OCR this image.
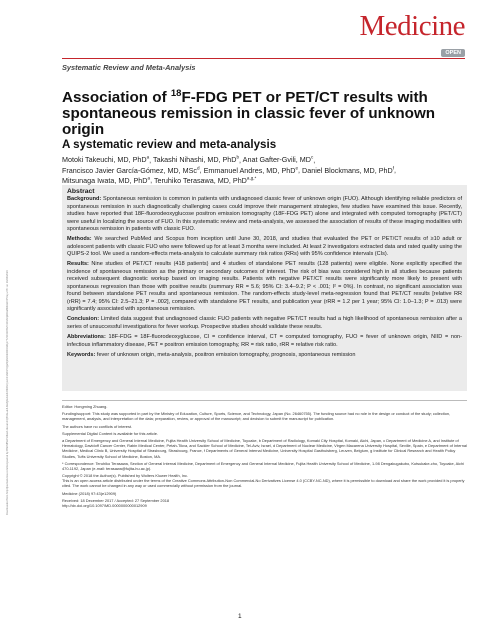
Downloaded from http://journals.lww.com/md-journal by BhDMf5ePHKav1zEoum1tQfN4a+kJLhEZgbsIHo4XMi0hCywCX1AWnYQp/IlQrHD3i3D0OdRyi7TvSFl4Cf3VC4/OAVpDDa8KKGKV0Ymy+78= on 10/24/2023
Medicine
OPEN
Systematic Review and Meta-Analysis
Association of $^{18}$F-FDG PET or PET/CT results with spontaneous remission in classic fever of unknown origin
A systematic review and meta-analysis
Motoki Takeuchi, MD, PhD$^a$, Takashi Nihashi, MD, PhD$^b$, Anat Gafter-Gvili, $MD^c$,
Francisco Javier García-Gómez, MD, MSc$^d$, Emmanuel Andres, MD, PhD$^e$, Daniel Blockmans, MD, PhD$^f$,
Mitsunaga Iwata, MD, PhD$^a$, Teruhiko Terasawa, MD, PhD$^{a,g,*}$
Abstract

Background: Spontaneous remission is common in patients with undiagnosed classic fever of unknown origin (FUO). Although identifying reliable predictors of spontaneous remission in such diagnostically challenging cases could improve their management strategies, few studies have examined this issue. Recently, studies have reported that 18F-fluorodeoxyglucose positron emission tomography (18F-FDG PET) alone and integrated with computed tomography (PET/CT) were useful in localizing the source of FUO. In this systematic review and meta-analysis, we assessed the association of results of these imaging modalities with spontaneous remission in patients with classic FUO.

Methods: We searched PubMed and Scopus from inception until June 30, 2018, and studies that evaluated the PET or PET/CT results of ≥10 adult or adolescent patients with classic FUO who were followed up for at least 3 months were included. At least 2 investigators extracted data and rated quality using the QUIPS-2 tool. We used a random-effects meta-analysis to calculate summary risk ratios (RRs) with 95% confidence intervals (CIs).

Results: Nine studies of PET/CT results (418 patients) and 4 studies of standalone PET results (128 patients) were eligible. None explicitly specified the incidence of spontaneous remission as the primary or secondary outcomes of interest. The risk of bias was considered high in all studies because patients received subsequent diagnostic workup based on imaging results. Patients with negative PET/CT results were significantly more likely to present with spontaneous regression than those with positive results (summary RR = 5.6; 95% CI: 3.4–9.2; P < .001; I² = 0%). In contrast, no significant association was found between standalone PET results and spontaneous remission. The random-effects study-level meta-regression found that PET/CT results [relative RR (rRR) = 7.4; 95% CI: 2.5–21.3; P = .002], compared with standalone PET results, and publication year (rRR = 1.2 per 1 year; 95% CI: 1.0–1.3; P = .013) were significantly associated with spontaneous remission.

Conclusion: Limited data suggest that undiagnosed classic FUO patients with negative PET/CT results had a high likelihood of spontaneous remission after a series of unsuccessful investigations for fever workup. Prospective studies should validate these results.

Abbreviations: 18F-FDG = 18F-fluorodeoxyglucose, CI = confidence interval, CT = computed tomography, FUO = fever of unknown origin, NIID = non-infectious inflammatory disease, PET = positron emission tomography, RR = risk ratio, rRR = relative risk ratio.

Keywords: fever of unknown origin, meta-analysis, positron emission tomography, prognosis, spontaneous remission

Editor: Hongming Zhuang.

Funding/support: This study was supported in part by the Ministry of Education, Culture, Sports, Science, and Technology, Japan (No. 26460755). The funding source had no role in the design or conduct of the study; collection, management, analysis, and interpretation of the data; preparation, review, or approval of the manuscript; and decision to submit the manuscript for publication.

The authors have no conflicts of interest.

Supplemental Digital Content is available for this article.

a Department of Emergency and General Internal Medicine, Fujita Health University School of Medicine, Toyoake, b Department of Radiology, Komaki City Hospital, Komaki, Aichi, Japan, c Department of Medicine A, and Institute of Hematology, Davidoff Cancer Center, Rabin Medical Center, Petah-Tikva, and Sackler School of Medicine, Tel-Aviv, Israel, d Department of Nuclear Medicine, Virgen Macarena University Hospital, Seville, Spain, e Department of Internal Medicine, Medical Clinic B, University Hospital of Strasbourg, Strasbourg, France, f Departments of General Internal Medicine, University Hospital Gasthuisberg, Leuven, Belgium, g Institute for Clinical Research and Health Policy Studies, Tufts University School of Medicine, Boston, MA.

* Correspondence: Teruhiko Terasawa, Section of General Internal Medicine, Department of Emergency and General Internal Medicine, Fujita Health University School of Medicine, 1-98 Dengakugakubo, Kutsukake-cho, Toyoake, Aichi 470-1192, Japan (e-mail: terasawa@fujita-hu.ac.jp).

Copyright © 2018 the Author(s). Published by Wolters Kluwer Health, Inc.
This is an open access article distributed under the terms of the Creative Commons Attribution-Non Commercial-No Derivatives License 4.0 (CCBY-NC-ND), where it is permissible to download and share the work provided it is properly cited. The work cannot be changed in any way or used commercially without permission from the journal.

Medicine (2018) 97:43(e12909)

Received: 18 December 2017 / Accepted: 27 September 2018
http://dx.doi.org/10.1097/MD.0000000000012909

1
